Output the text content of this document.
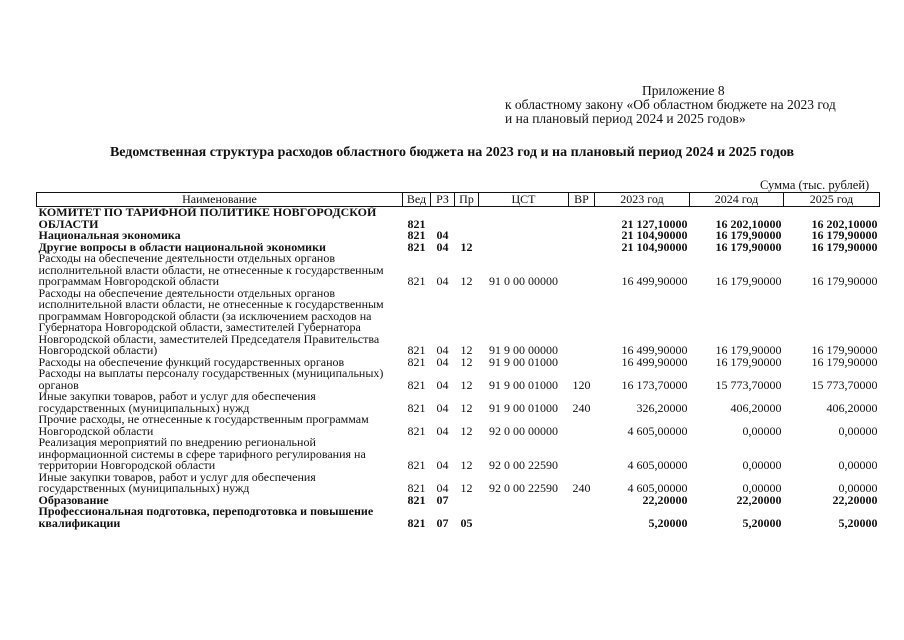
Приложение 8
к областному закону «Об областном бюджете на 2023 год
и на плановый период 2024 и 2025 годов»
Ведомственная структура расходов областного бюджета на 2023 год и на плановый период 2024 и 2025 годов
Сумма (тыс. рублей)
Наименование	Вед	РЗ	Пр	ЦСТ	ВР	2023 год	2024 год	2025 год
КОМИТЕТ ПО ТАРИФНОЙ ПОЛИТИКЕ НОВГОРОДСКОЙ ОБЛАСТИ	821					21 127,10000	16 202,10000	16 202,10000
Национальная экономика	821	04				21 104,90000	16 179,90000	16 179,90000
Другие вопросы в области национальной экономики	821	04	12			21 104,90000	16 179,90000	16 179,90000
Расходы на обеспечение деятельности отдельных органов исполнительной власти области, не отнесенные к государственным программам Новгородской области	821	04	12	91 0 00 00000		16 499,90000	16 179,90000	16 179,90000
Расходы на обеспечение деятельности отдельных органов исполнительной власти области, не отнесенные к государственным программам Новгородской области (за исключением расходов на Губернатора Новгородской области, заместителей Губернатора Новгородской области, заместителей Председателя Правительства Новгородской области)	821	04	12	91 9 00 00000		16 499,90000	16 179,90000	16 179,90000
Расходы на обеспечение функций государственных органов	821	04	12	91 9 00 01000		16 499,90000	16 179,90000	16 179,90000
Расходы на выплаты персоналу государственных (муниципальных) органов	821	04	12	91 9 00 01000	120	16 173,70000	15 773,70000	15 773,70000
Иные закупки товаров, работ и услуг для обеспечения государственных (муниципальных) нужд	821	04	12	91 9 00 01000	240	326,20000	406,20000	406,20000
Прочие расходы, не отнесенные к государственным программам Новгородской области	821	04	12	92 0 00 00000		4 605,00000	0,00000	0,00000
Реализация мероприятий по внедрению региональной информационной системы в сфере тарифного регулирования на территории Новгородской области	821	04	12	92 0 00 22590		4 605,00000	0,00000	0,00000
Иные закупки товаров, работ и услуг для обеспечения государственных (муниципальных) нужд	821	04	12	92 0 00 22590	240	4 605,00000	0,00000	0,00000
Образование	821	07				22,20000	22,20000	22,20000
Профессиональная подготовка, переподготовка и повышение квалификации	821	07	05			5,20000	5,20000	5,20000
